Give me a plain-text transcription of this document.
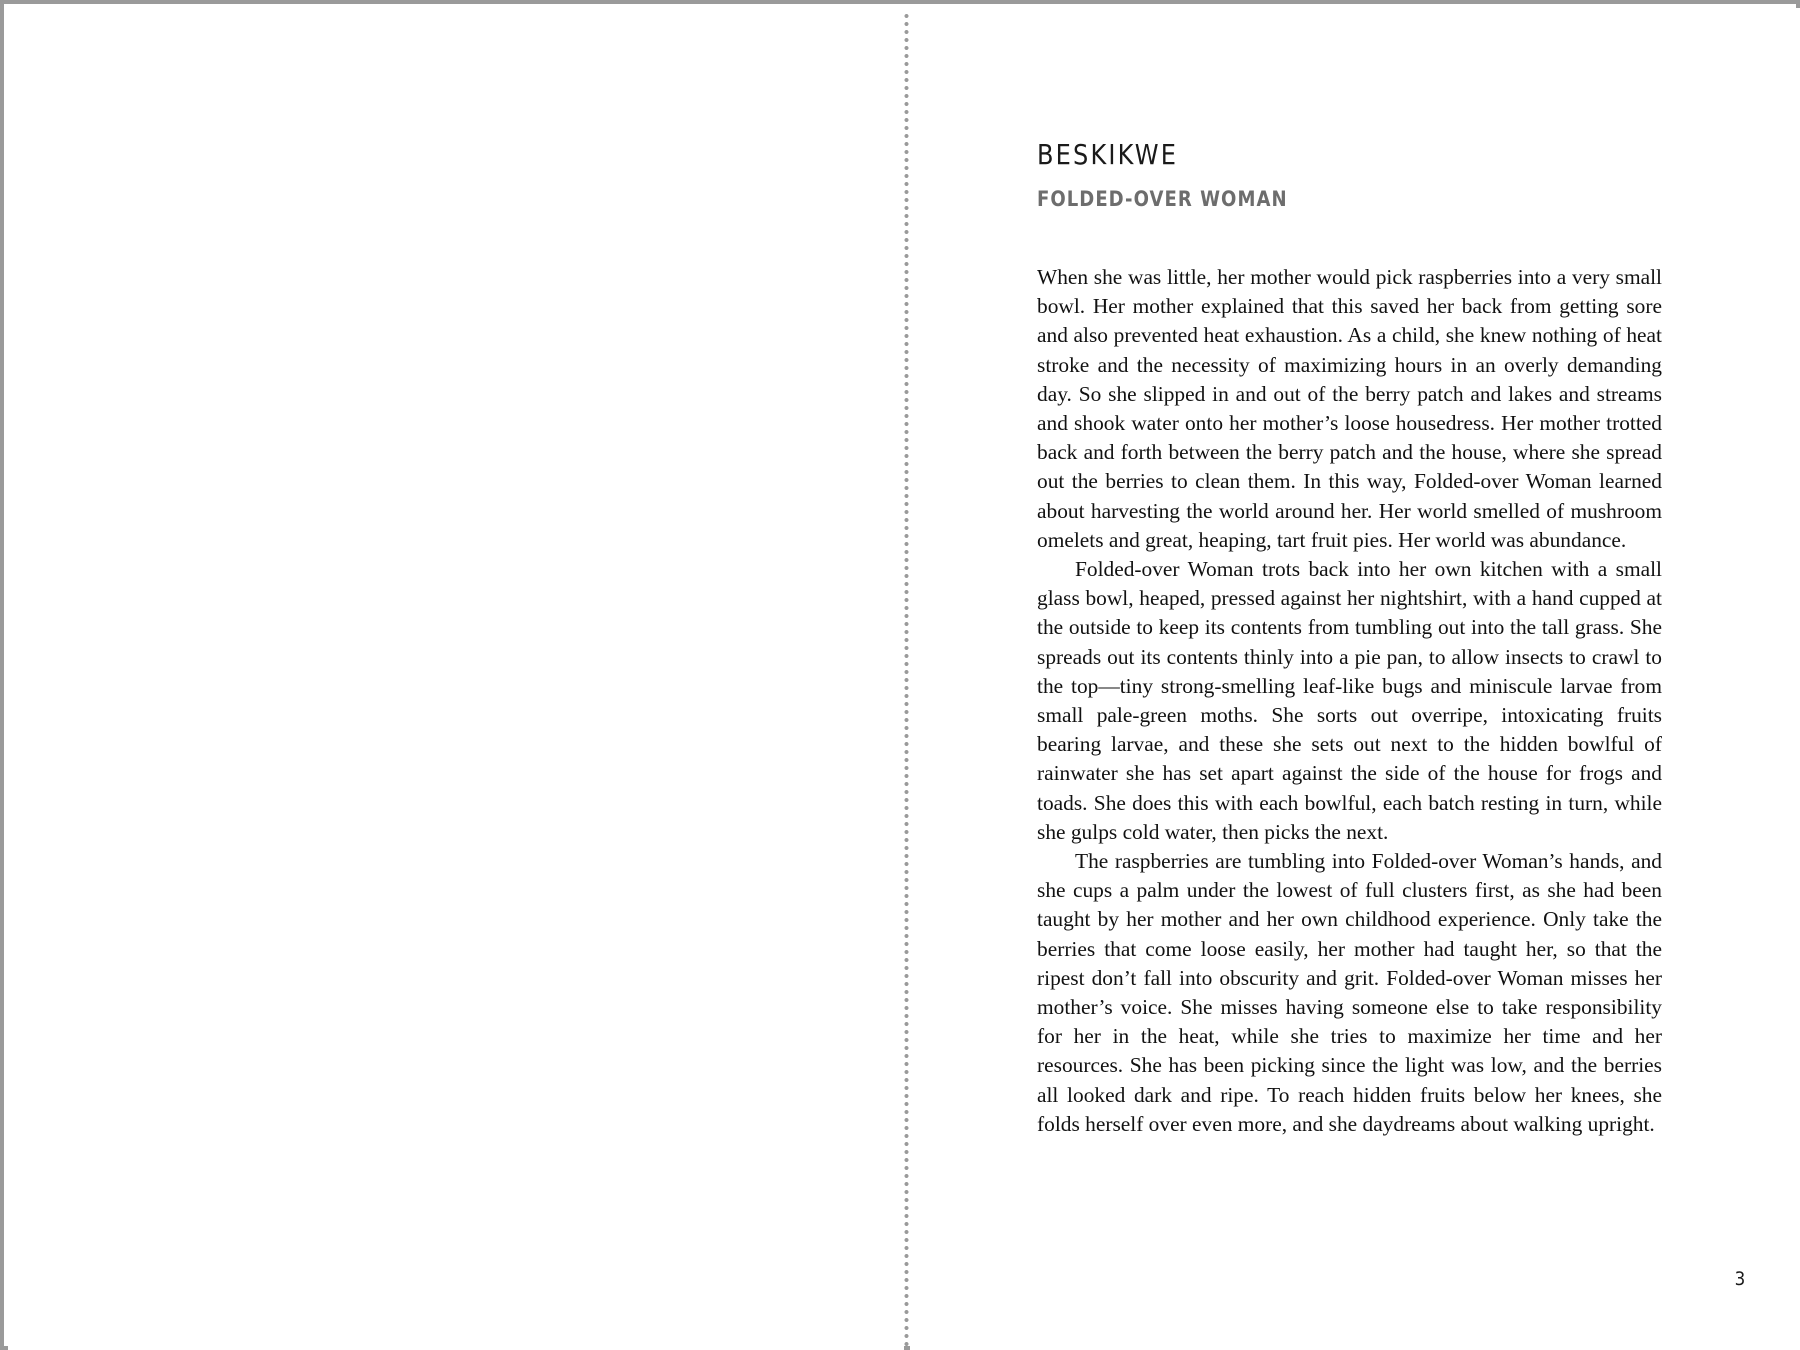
BESKIKWE
FOLDED-OVER WOMAN

When she was little, her mother would pick raspberries into a very small bowl. Her mother explained that this saved her back from getting sore and also prevented heat exhaustion. As a child, she knew nothing of heat stroke and the necessity of maximizing hours in an overly demanding day. So she slipped in and out of the berry patch and lakes and streams and shook water onto her mother’s loose housedress. Her mother trotted back and forth between the berry patch and the house, where she spread out the berries to clean them. In this way, Folded-over Woman learned about harvesting the world around her. Her world smelled of mushroom omelets and great, heaping, tart fruit pies. Her world was abundance.

Folded-over Woman trots back into her own kitchen with a small glass bowl, heaped, pressed against her nightshirt, with a hand cupped at the outside to keep its contents from tumbling out into the tall grass. She spreads out its contents thinly into a pie pan, to allow insects to crawl to the top—tiny strong-smelling leaf-like bugs and miniscule larvae from small pale-green moths. She sorts out overripe, intoxicating fruits bearing larvae, and these she sets out next to the hidden bowlful of rainwater she has set apart against the side of the house for frogs and toads. She does this with each bowlful, each batch resting in turn, while she gulps cold water, then picks the next.

The raspberries are tumbling into Folded-over Woman’s hands, and she cups a palm under the lowest of full clusters first, as she had been taught by her mother and her own childhood experience. Only take the berries that come loose easily, her mother had taught her, so that the ripest don’t fall into obscurity and grit. Folded-over Woman misses her mother’s voice. She misses having someone else to take responsibility for her in the heat, while she tries to maximize her time and her resources. She has been picking since the light was low, and the berries all looked dark and ripe. To reach hidden fruits below her knees, she folds herself over even more, and she daydreams about walking upright.

3
